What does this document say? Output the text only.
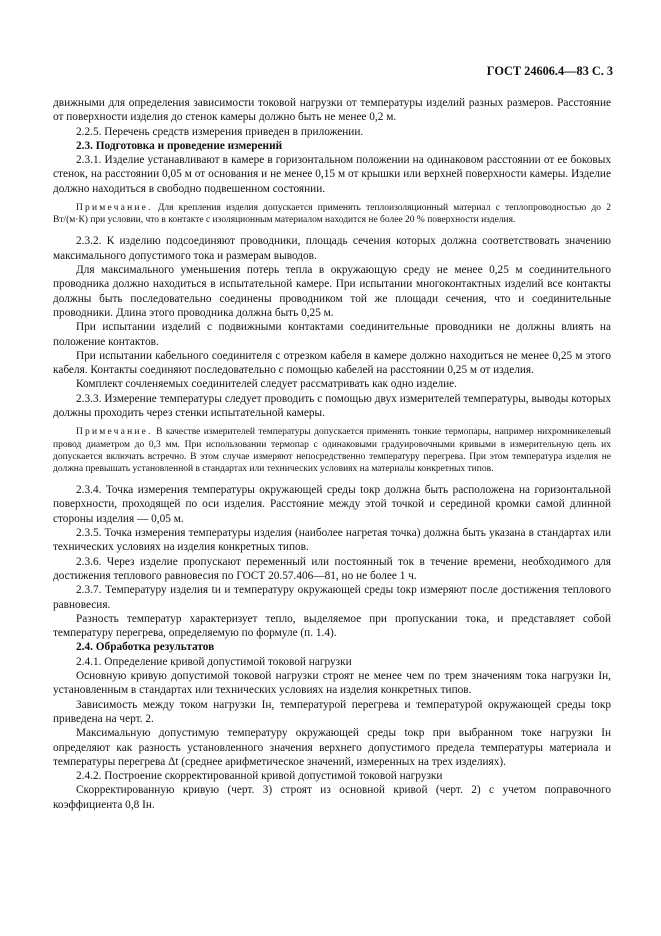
ГОСТ 24606.4—83 С. 3

движными для определения зависимости токовой нагрузки от температуры изделий разных размеров. Расстояние от поверхности изделия до стенок камеры должно быть не менее 0,2 м.

2.2.5. Перечень средств измерения приведен в приложении.

2.3. Подготовка и проведение измерений

2.3.1. Изделие устанавливают в камере в горизонтальном положении на одинаковом расстоянии от ее боковых стенок, на расстоянии 0,05 м от основания и не менее 0,15 м от крышки или верхней поверхности камеры. Изделие должно находиться в свободно подвешенном состоянии.

Примечание. Для крепления изделия допускается применять теплоизоляционный материал с теплопроводностью до 2 Вт/(м·К) при условии, что в контакте с изоляционным материалом находится не более 20 % поверхности изделия.

2.3.2. К изделию подсоединяют проводники, площадь сечения которых должна соответствовать значению максимального допустимого тока и размерам выводов.

Для максимального уменьшения потерь тепла в окружающую среду не менее 0,25 м соединительного проводника должно находиться в испытательной камере. При испытании многоконтактных изделий все контакты должны быть последовательно соединены проводником той же площади сечения, что и соединительные проводники. Длина этого проводника должна быть 0,25 м.

При испытании изделий с подвижными контактами соединительные проводники не должны влиять на положение контактов.

При испытании кабельного соединителя с отрезком кабеля в камере должно находиться не менее 0,25 м этого кабеля. Контакты соединяют последовательно с помощью кабелей на расстоянии 0,25 м от изделия.

Комплект сочленяемых соединителей следует рассматривать как одно изделие.

2.3.3. Измерение температуры следует проводить с помощью двух измерителей температуры, выводы которых должны проходить через стенки испытательной камеры.

Примечание. В качестве измерителей температуры допускается применять тонкие термопары, например нихромникелевый провод диаметром до 0,3 мм. При использовании термопар с одинаковыми градуировочными кривыми в измерительную цепь их допускается включать встречно. В этом случае измеряют непосредственно температуру перегрева. При этом температура изделия не должна превышать установленной в стандартах или технических условиях на материалы конкретных типов.

2.3.4. Точка измерения температуры окружающей среды tокр должна быть расположена на горизонтальной поверхности, проходящей по оси изделия. Расстояние между этой точкой и серединой кромки самой длинной стороны изделия — 0,05 м.

2.3.5. Точка измерения температуры изделия (наиболее нагретая точка) должна быть указана в стандартах или технических условиях на изделия конкретных типов.

2.3.6. Через изделие пропускают переменный или постоянный ток в течение времени, необходимого для достижения теплового равновесия по ГОСТ 20.57.406—81, но не более 1 ч.

2.3.7. Температуру изделия tи и температуру окружающей среды tокр измеряют после достижения теплового равновесия.

Разность температур характеризует тепло, выделяемое при пропускании тока, и представляет собой температуру перегрева, определяемую по формуле (п. 1.4).

2.4. Обработка результатов

2.4.1. Определение кривой допустимой токовой нагрузки

Основную кривую допустимой токовой нагрузки строят не менее чем по трем значениям тока нагрузки Iн, установленным в стандартах или технических условиях на изделия конкретных типов.

Зависимость между током нагрузки Iн, температурой перегрева и температурой окружающей среды tокр приведена на черт. 2.

Максимальную допустимую температуру окружающей среды tокр при выбранном токе нагрузки Iн определяют как разность установленного значения верхнего допустимого предела температуры материала и температуры перегрева Δt (среднее арифметическое значений, измеренных на трех изделиях).

2.4.2. Построение скорректированной кривой допустимой токовой нагрузки

Скорректированную кривую (черт. 3) строят из основной кривой (черт. 2) с учетом поправочного коэффициента 0,8 Iн.
